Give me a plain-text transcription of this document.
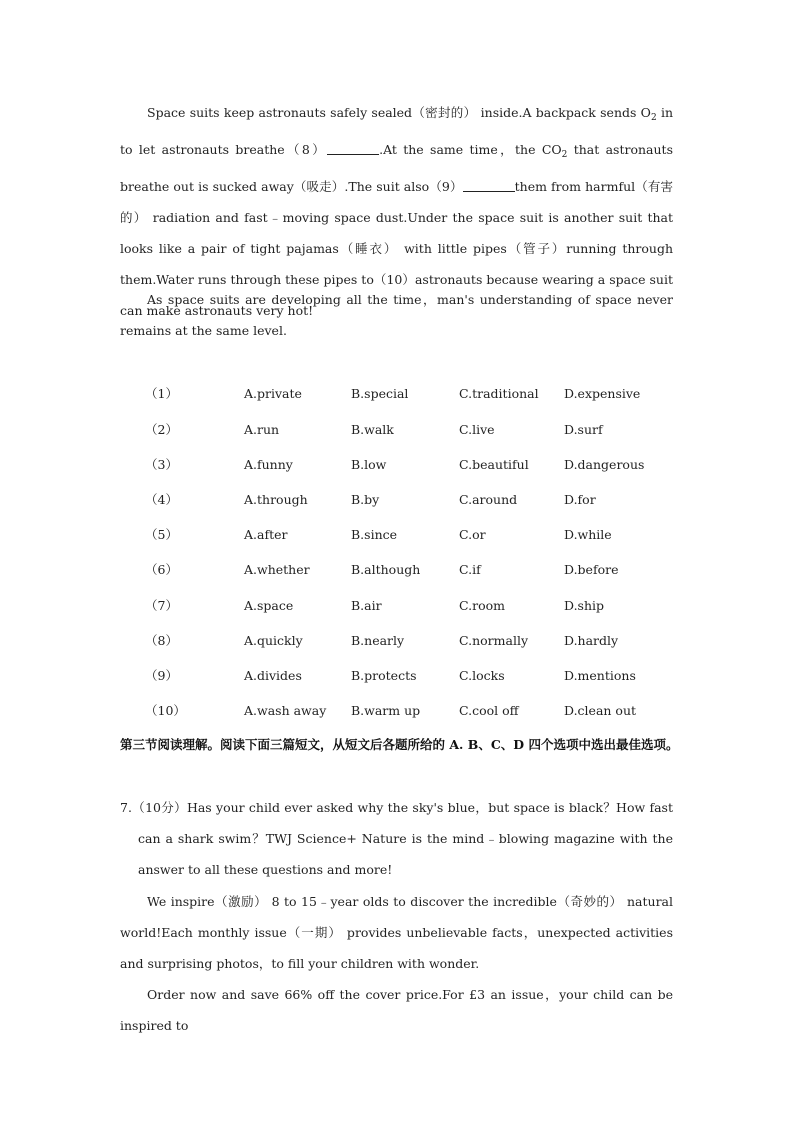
Space suits keep astronauts safely sealed（密封的） inside.A backpack sends $O_2$ in to let astronauts breathe（8）	.At the same time，the $CO_2$ that astronauts breathe out is sucked away（吸走）.The suit also（9）	them from harmful（有害的） radiation and fast﹣moving space dust.Under the space suit is another suit that looks like a pair of tight pajamas（睡衣） with little pipes（管子）running through them.Water runs through these pipes to（10）astronauts because wearing a space suit can make astronauts very hot!

As space suits are developing all the time，man's understanding of space never remains at the same level.

（1）	A.private	B.special	C.traditional D.expensive
（2）	A.run	B.walk	C.live	D.surf
（3）	A.funny	B.low	C.beautiful	D.dangerous
（4）	A.through	B.by	C.around	D.for
（5）	A.after	B.since	C.or	D.while
（6）	A.whether	B.although	C.if	D.before
（7）	A.space	B.air	C.room	D.ship
（8）	A.quickly	B.nearly	C.normally	D.hardly
（9）	A.divides	B.protects	C.locks	D.mentions
（10）	A.wash away B.warm up	C.cool off	D.clean out
第三节阅读理解。阅读下面三篇短文，从短文后各题所给的 A. B、C、D 四个选项中选出最佳选项。

7.（10分）Has your child ever asked why the sky's blue，but space is black？How fast can a shark swim？TWJ Science+ Nature is the mind﹣blowing magazine with the answer to all these questions and more!

We inspire（激励） 8 to 15﹣year olds to discover the incredible（奇妙的） natural world!Each monthly issue（一期） provides unbelievable facts，unexpected activities and surprising photos，to fill your children with wonder.

Order now and save 66% off the cover price.For £3 an issue，your child can be inspired to
